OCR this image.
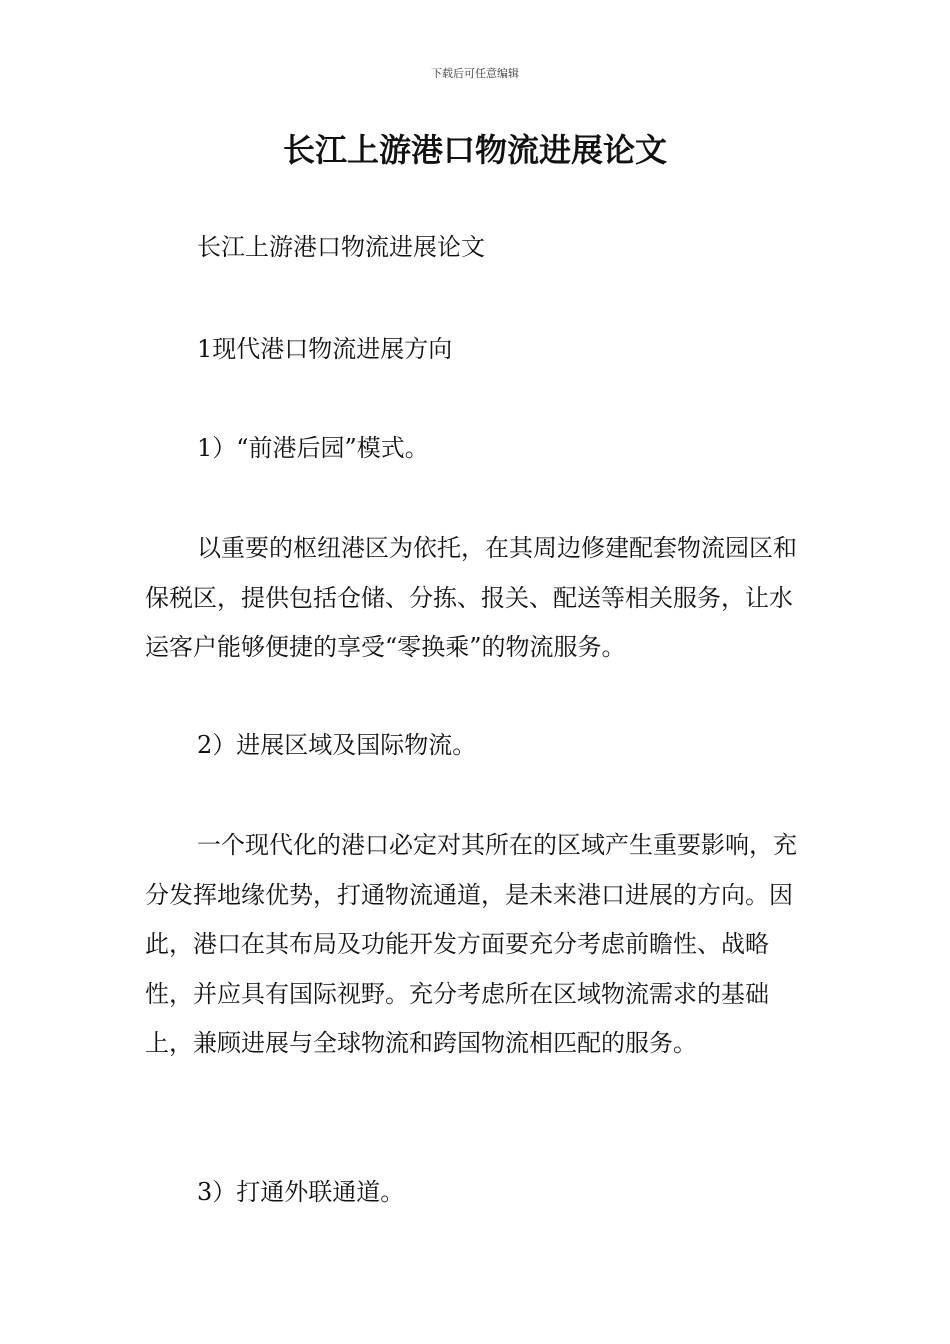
下载后可任意编辑
长江上游港口物流进展论文

长江上游港口物流进展论文

1现代港口物流进展方向

1）“前港后园”模式。

以重要的枢纽港区为依托，在其周边修建配套物流园区和保税区，提供包括仓储、分拣、报关、配送等相关服务，让水运客户能够便捷的享受“零换乘”的物流服务。

2）进展区域及国际物流。

一个现代化的港口必定对其所在的区域产生重要影响，充分发挥地缘优势，打通物流通道，是未来港口进展的方向。因此，港口在其布局及功能开发方面要充分考虑前瞻性、战略性，并应具有国际视野。充分考虑所在区域物流需求的基础上，兼顾进展与全球物流和跨国物流相匹配的服务。

3）打通外联通道。
